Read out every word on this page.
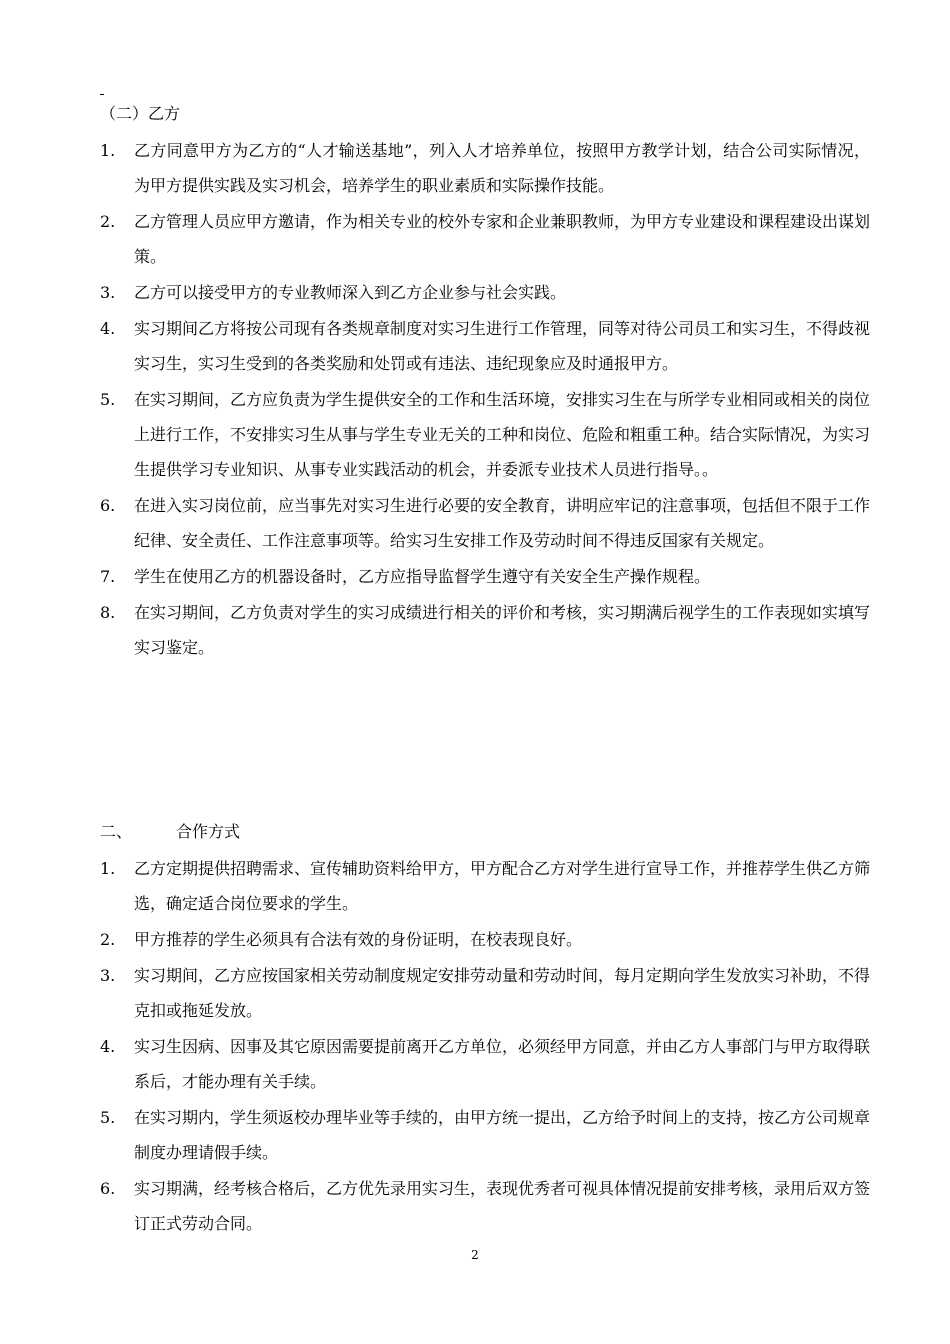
（二）乙方
1.	乙方同意甲方为乙方的“人才输送基地”，列入人才培养单位，按照甲方教学计划，结合公司实际情况，为甲方提供实践及实习机会，培养学生的职业素质和实际操作技能。
2.	乙方管理人员应甲方邀请，作为相关专业的校外专家和企业兼职教师，为甲方专业建设和课程建设出谋划策。
3.	乙方可以接受甲方的专业教师深入到乙方企业参与社会实践。
4.	实习期间乙方将按公司现有各类规章制度对实习生进行工作管理，同等对待公司员工和实习生，不得歧视实习生，实习生受到的各类奖励和处罚或有违法、违纪现象应及时通报甲方。
5.	在实习期间，乙方应负责为学生提供安全的工作和生活环境，安排实习生在与所学专业相同或相关的岗位上进行工作，不安排实习生从事与学生专业无关的工种和岗位、危险和粗重工种。结合实际情况，为实习生提供学习专业知识、从事专业实践活动的机会，并委派专业技术人员进行指导。。
6.	在进入实习岗位前，应当事先对实习生进行必要的安全教育，讲明应牢记的注意事项，包括但不限于工作纪律、安全责任、工作注意事项等。给实习生安排工作及劳动时间不得违反国家有关规定。
7.	学生在使用乙方的机器设备时，乙方应指导监督学生遵守有关安全生产操作规程。
8.	在实习期间，乙方负责对学生的实习成绩进行相关的评价和考核，实习期满后视学生的工作表现如实填写实习鉴定。
二、	合作方式
1.	乙方定期提供招聘需求、宣传辅助资料给甲方，甲方配合乙方对学生进行宣导工作，并推荐学生供乙方筛选，确定适合岗位要求的学生。
2.	甲方推荐的学生必须具有合法有效的身份证明，在校表现良好。
3.	实习期间，乙方应按国家相关劳动制度规定安排劳动量和劳动时间，每月定期向学生发放实习补助，不得克扣或拖延发放。
4.	实习生因病、因事及其它原因需要提前离开乙方单位，必须经甲方同意，并由乙方人事部门与甲方取得联系后，才能办理有关手续。
5.	在实习期内，学生须返校办理毕业等手续的，由甲方统一提出，乙方给予时间上的支持，按乙方公司规章制度办理请假手续。
6.	实习期满，经考核合格后，乙方优先录用实习生，表现优秀者可视具体情况提前安排考核，录用后双方签订正式劳动合同。
2
